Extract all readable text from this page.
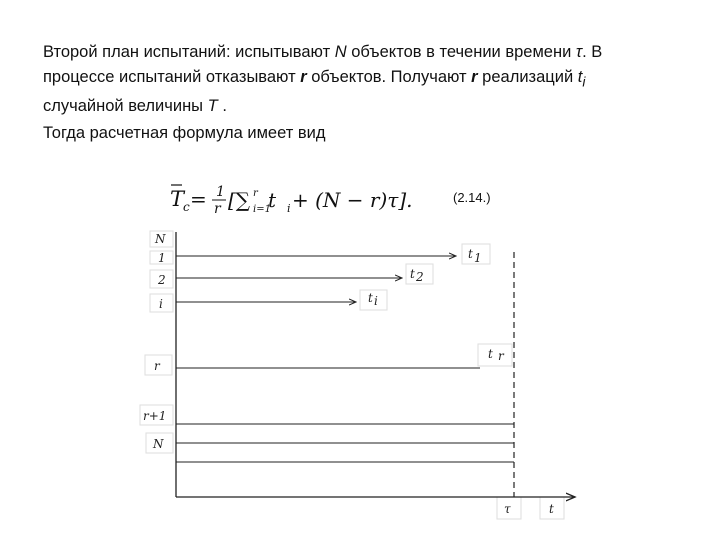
Второй план испытаний: испытывают N объектов в течении времени τ. В

процессе испытаний отказывают r объектов. Получают r реализаций $t_i$

случайной величины T .

Тогда расчетная формула имеет вид

T
c = 1
r [∑ r
i=1
t i + (N − r)τ].	(2.14.)
N
1
2
i
r
r+1
N
t 1
t 2
t i
t r
τ	t
